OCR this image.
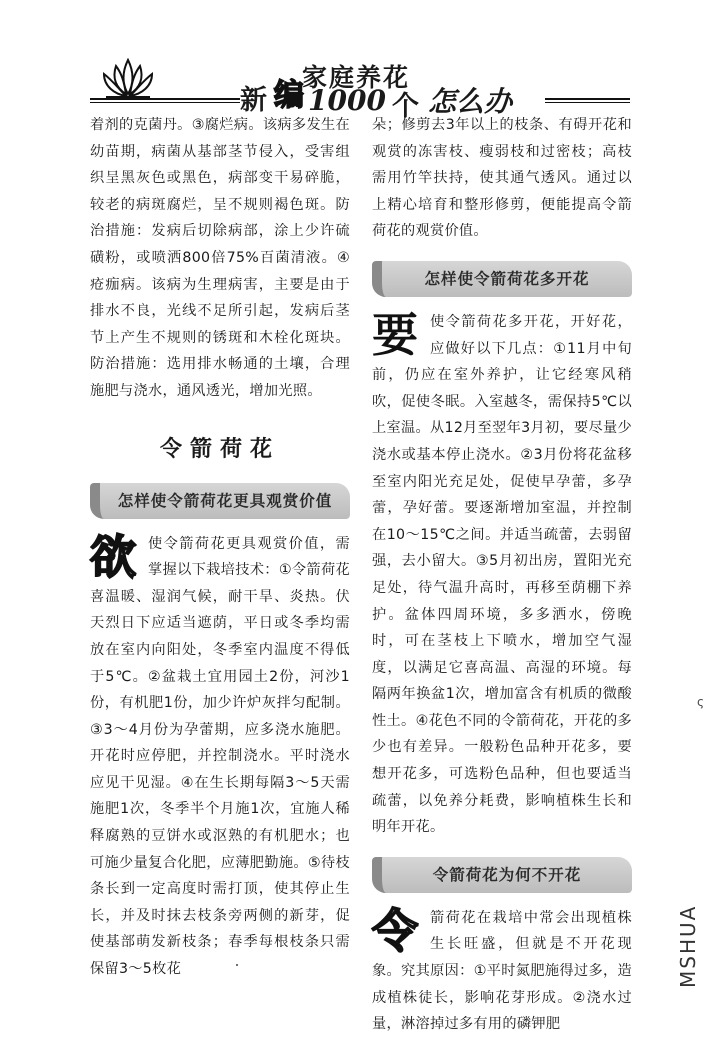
家庭养花
新 编 1000 个 怎么办

着剂的克菌丹。③腐烂病。该病多发生在幼苗期，病菌从基部茎节侵入，受害组织呈黑灰色或黑色，病部变干易碎脆，较老的病斑腐烂，呈不规则褐色斑。防治措施：发病后切除病部，涂上少许硫磺粉，或喷洒800倍75%百菌清液。④疮痂病。该病为生理病害，主要是由于排水不良，光线不足所引起，发病后茎节上产生不规则的锈斑和木栓化斑块。防治措施：选用排水畅通的土壤，合理施肥与浇水，通风透光，增加光照。

令箭荷花
怎样使令箭荷花更具观赏价值

欲使令箭荷花更具观赏价值，需掌握以下栽培技术：①令箭荷花喜温暖、湿润气候，耐干旱、炎热。伏天烈日下应适当遮荫，平日或冬季均需放在室内向阳处，冬季室内温度不得低于5℃。②盆栽土宜用园土2份，河沙1份，有机肥1份，加少许炉灰拌匀配制。③3～4月份为孕蕾期，应多浇水施肥。开花时应停肥，并控制浇水。平时浇水应见干见湿。④在生长期每隔3～5天需施肥1次，冬季半个月施1次，宜施人稀释腐熟的豆饼水或沤熟的有机肥水；也可施少量复合化肥，应薄肥勤施。⑤待枝条长到一定高度时需打顶，使其停止生长，并及时抹去枝条旁两侧的新芽，促使基部萌发新枝条；春季每根枝条只需保留3～5枚花

朵；修剪去3年以上的枝条、有碍开花和观赏的冻害枝、瘦弱枝和过密枝；高枝需用竹竿扶持，使其通气透风。通过以上精心培育和整形修剪，便能提高令箭荷花的观赏价值。

怎样使令箭荷花多开花

要使令箭荷花多开花，开好花，应做好以下几点：①11月中旬前，仍应在室外养护，让它经寒风稍吹，促使冬眠。入室越冬，需保持5℃以上室温。从12月至翌年3月初，要尽量少浇水或基本停止浇水。②3月份将花盆移至室内阳光充足处，促使早孕蕾，多孕蕾，孕好蕾。要逐渐增加室温，并控制在10～15℃之间。并适当疏蕾，去弱留强，去小留大。③5月初出房，置阳光充足处，待气温升高时，再移至荫棚下养护。盆体四周环境，多多洒水，傍晚时，可在茎枝上下喷水，增加空气湿度，以满足它喜高温、高湿的环境。每隔两年换盆1次，增加富含有机质的微酸性土。④花色不同的令箭荷花，开花的多少也有差异。一般粉色品种开花多，要想开花多，可选粉色品种，但也要适当疏蕾，以免养分耗费，影响植株生长和明年开花。

令箭荷花为何不开花

令箭荷花在栽培中常会出现植株生长旺盛，但就是不开花现象。究其原因：①平时氮肥施得过多，造成植株徒长，影响花芽形成。②浇水过量，淋溶掉过多有用的磷钾肥

ς
MSHUA
